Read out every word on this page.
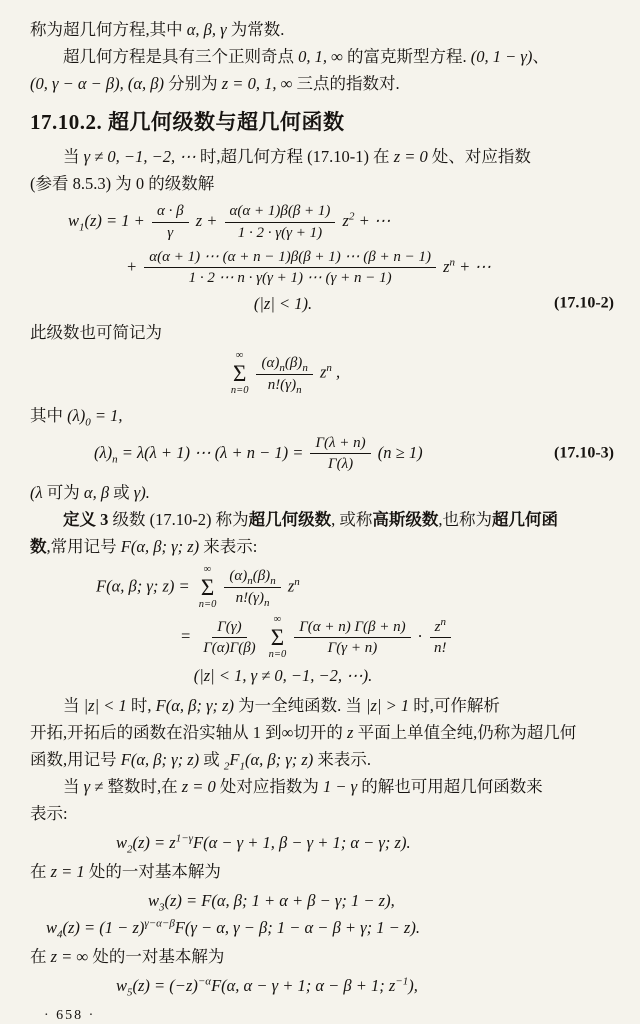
称为超几何方程,其中 α, β, γ 为常数.
超几何方程是具有三个正则奇点 0, 1, ∞ 的富克斯型方程. (0, 1 − γ)、
(0, γ − α − β), (α, β) 分别为 z = 0, 1, ∞ 三点的指数对.
17.10.2. 超几何级数与超几何函数
当 γ ≠ 0, −1, −2, ⋯ 时,超几何方程 (17.10-1) 在 z = 0 处、对应指数
(参看 8.5.3) 为 0 的级数解
$w_1(z) = 1 + \frac{\alpha \cdot \beta}{\gamma}$ $z + \frac{\alpha(\alpha + 1)\beta(\beta + 1)}{1 \cdot 2 \cdot \gamma(\gamma + 1)} z^2$ + ⋯
+ $\frac{\alpha(\alpha + 1) \cdots (\alpha + n - 1)\beta(\beta + 1) \cdots (\beta + n - 1)}{1 \cdot 2 \cdots n \cdot \gamma(\gamma + 1) \cdots (\gamma + n - 1)} z^n$ + ⋯
(|z| < 1).	(17.10-2)
此级数也可简记为
∞
Σ
$n=0 \frac{(\alpha)_n(\beta)_n}{n!(\gamma)_n} z^n$ ,
其中 $(\lambda)_0 = 1$,
$(\lambda)_n = \lambda(\lambda + 1)$ ⋯ $(\lambda + n - 1) = \frac{\Gamma(\lambda + n)}{\Gamma(\lambda)} (n \ge 1)$	(17.10-3)
(λ 可为 α, β 或 γ).
定义 3 级数 (17.10-2) 称为超几何级数, 或称高斯级数,也称为超几何函
数,常用记号 F(α, β; γ; z) 来表示:
F(α, β; γ; z) =
∞
Σ
$n=0 \frac{(\alpha)_n(\beta)_n}{n!(\gamma)_n} z^n$
= $\frac{\Gamma(\gamma)}{\Gamma(\alpha)\Gamma(\beta)}$ ∞
Σ
$n=0 \frac{\Gamma(\alpha + n) \Gamma(\beta + n)}{\Gamma(\gamma + n)} \cdot \frac{z^n}{n!}$
(|z| < 1, γ ≠ 0, −1, −2, ⋯).
当 |z| < 1 时, F(α, β; γ; z) 为一全纯函数. 当 |z| > 1 时,可作解析
开拓,开拓后的函数在沿实轴从 1 到∞切开的 z 平面上单值全纯,仍称为超几何
函数,用记号 F(α, β; γ; z) 或 $_2F_1(\alpha$, β; γ; z) 来表示.
当 γ ≠ 整数时,在 z = 0 处对应指数为 1 − γ 的解也可用超几何函数来
表示:
$w_2(z) = z^{1-\gamma}F(\alpha - \gamma + 1$, β − γ + 1; α − γ; z).
在 z = 1 处的一对基本解为
$w_3(z) = F(\alpha$, β; 1 + α + β − γ; 1 − z),
$w_4(z) = (1 - z)^{\gamma-\alpha-\beta}F(\gamma - \alpha$, γ − β; 1 − α − β + γ; 1 − z).
在 z = ∞ 处的一对基本解为
$w_5(z) = (-z)^{-\alpha}F(\alpha$, α − γ + 1; α − β + 1; $z^{-1}$),
· 658 ·
